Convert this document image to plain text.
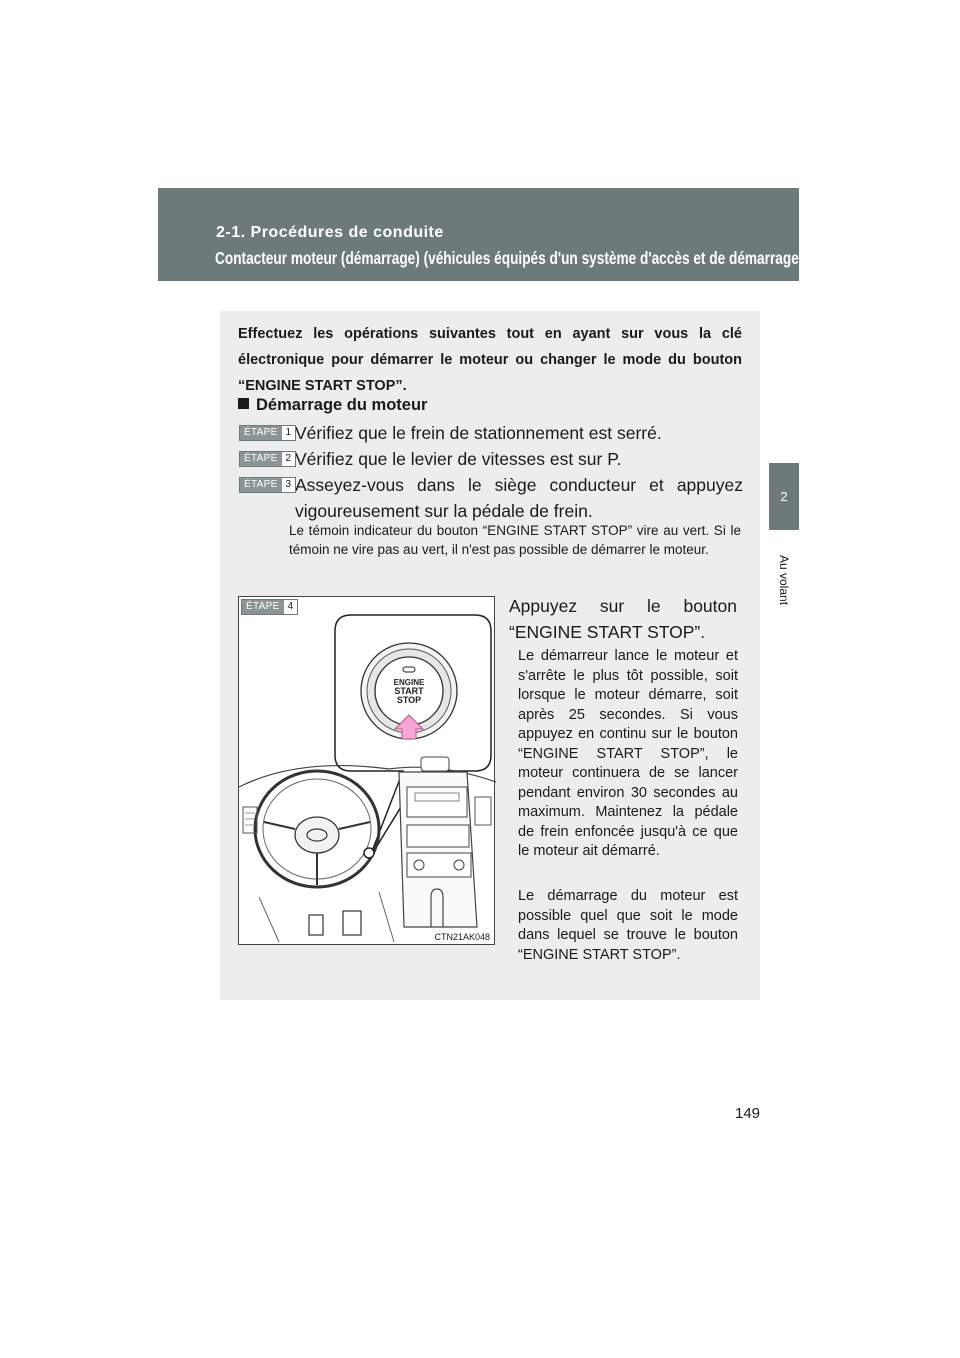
2-1. Procédures de conduite
Contacteur moteur (démarrage) (véhicules équipés d'un système d'accès et de démarrage “mains libres”)
2
Au volant

Effectuez les opérations suivantes tout en ayant sur vous la clé électronique pour démarrer le moteur ou changer le mode du bouton “ENGINE START STOP”.

Démarrage du moteur
ÉTAPE 1 Vérifiez que le frein de stationnement est serré.
ÉTAPE 2 Vérifiez que le levier de vitesses est sur P.
ÉTAPE 3 Asseyez-vous dans le siège conducteur et appuyez vigoureusement sur la pédale de frein.

Le témoin indicateur du bouton “ENGINE START STOP” vire au vert. Si le témoin ne vire pas au vert, il n'est pas possible de démarrer le moteur.

ENGINE
START
STOP
ÉTAPE 4
CTN21AK048

Appuyez sur le bouton
“ENGINE START STOP”.

Le démarreur lance le moteur et s'arrête le plus tôt possible, soit lorsque le moteur démarre, soit après 25 secondes. Si vous appuyez en continu sur le bouton “ENGINE START STOP”, le moteur continuera de se lancer pendant environ 30 secondes au maximum. Maintenez la pédale de frein enfoncée jusqu'à ce que le moteur ait démarré.

Le démarrage du moteur est possible quel que soit le mode dans lequel se trouve le bouton “ENGINE START STOP”.

149
